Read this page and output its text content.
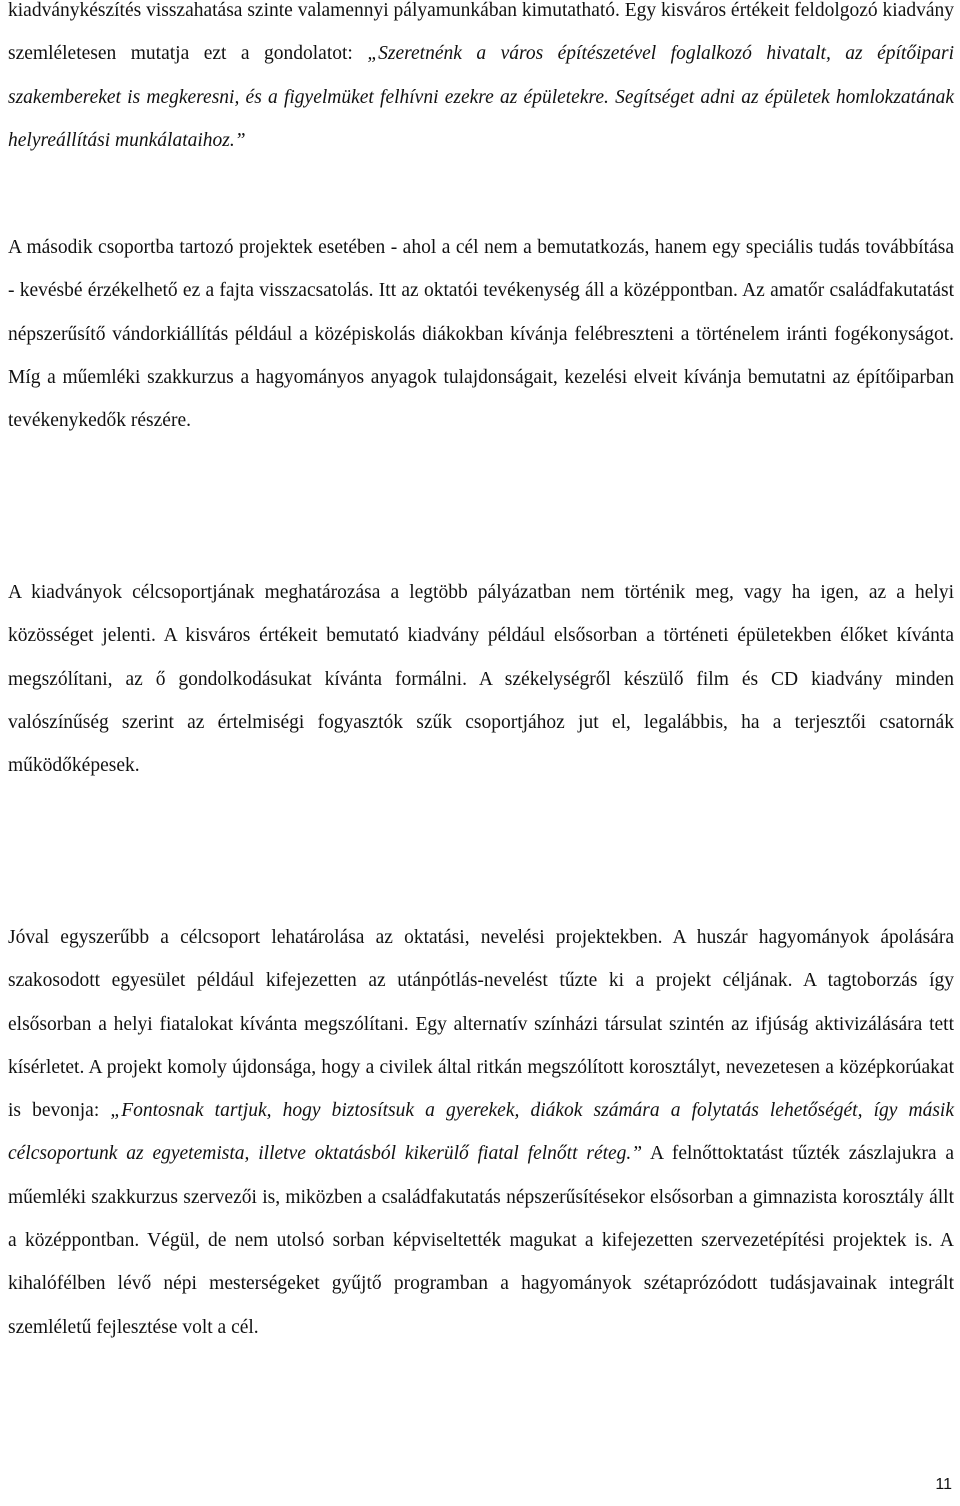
kiadványkészítés visszahatása szinte valamennyi pályamunkában kimutatható. Egy kisváros értékeit feldolgozó kiadvány szemléletesen mutatja ezt a gondolatot: „Szeretnénk a város építészetével foglalkozó hivatalt, az építőipari szakembereket is megkeresni, és a figyelmüket felhívni ezekre az épületekre. Segítséget adni az épületek homlokzatának helyreállítási munkálataihoz.”

A második csoportba tartozó projektek esetében - ahol a cél nem a bemutatkozás, hanem egy speciális tudás továbbítása - kevésbé érzékelhető ez a fajta visszacsatolás. Itt az oktatói tevékenység áll a középpontban. Az amatőr családfakutatást népszerűsítő vándorkiállítás például a középiskolás diákokban kívánja felébreszteni a történelem iránti fogékonyságot. Míg a műemléki szakkurzus a hagyományos anyagok tulajdonságait, kezelési elveit kívánja bemutatni az építőiparban tevékenykedők részére.

A kiadványok célcsoportjának meghatározása a legtöbb pályázatban nem történik meg, vagy ha igen, az a helyi közösséget jelenti. A kisváros értékeit bemutató kiadvány például elsősorban a történeti épületekben élőket kívánta megszólítani, az ő gondolkodásukat kívánta formálni. A székelységről készülő film és CD kiadvány minden valószínűség szerint az értelmiségi fogyasztók szűk csoportjához jut el, legalábbis, ha a terjesztői csatornák működőképesek.

Jóval egyszerűbb a célcsoport lehatárolása az oktatási, nevelési projektekben. A huszár hagyományok ápolására szakosodott egyesület például kifejezetten az utánpótlás-nevelést tűzte ki a projekt céljának. A tagtoborzás így elsősorban a helyi fiatalokat kívánta megszólítani. Egy alternatív színházi társulat szintén az ifjúság aktivizálására tett kísérletet. A projekt komoly újdonsága, hogy a civilek által ritkán megszólított korosztályt, nevezetesen a középkorúakat is bevonja: „Fontosnak tartjuk, hogy biztosítsuk a gyerekek, diákok számára a folytatás lehetőségét, így másik célcsoportunk az egyetemista, illetve oktatásból kikerülő fiatal felnőtt réteg.” A felnőttoktatást tűzték zászlajukra a műemléki szakkurzus szervezői is, miközben a családfakutatás népszerűsítésekor elsősorban a gimnazista korosztály állt a középpontban. Végül, de nem utolsó sorban képviseltették magukat a kifejezetten szervezetépítési projektek is. A kihalófélben lévő népi mesterségeket gyűjtő programban a hagyományok szétaprózódott tudásjavainak integrált szemléletű fejlesztése volt a cél.

11
